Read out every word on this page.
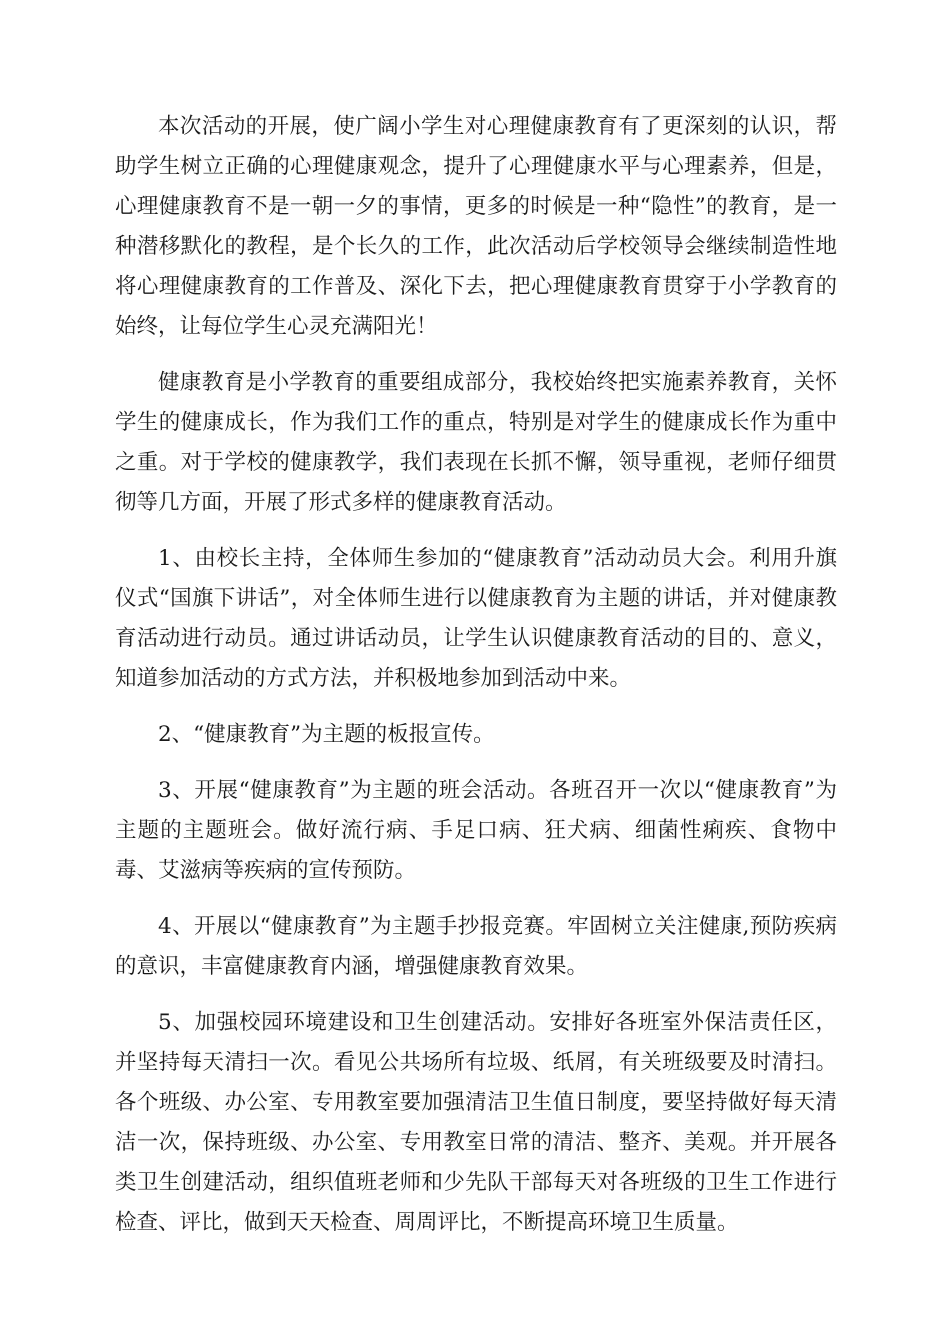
本次活动的开展，使广阔小学生对心理健康教育有了更深刻的认识，帮助学生树立正确的心理健康观念，提升了心理健康水平与心理素养，但是，心理健康教育不是一朝一夕的事情，更多的时候是一种“隐性”的教育，是一种潜移默化的教程，是个长久的工作，此次活动后学校领导会继续制造性地将心理健康教育的工作普及、深化下去，把心理健康教育贯穿于小学教育的始终，让每位学生心灵充满阳光！

健康教育是小学教育的重要组成部分，我校始终把实施素养教育，关怀学生的健康成长，作为我们工作的重点，特别是对学生的健康成长作为重中之重。对于学校的健康教学，我们表现在长抓不懈，领导重视，老师仔细贯彻等几方面，开展了形式多样的健康教育活动。

1、由校长主持，全体师生参加的“健康教育”活动动员大会。利用升旗仪式“国旗下讲话”，对全体师生进行以健康教育为主题的讲话，并对健康教育活动进行动员。通过讲话动员，让学生认识健康教育活动的目的、意义，知道参加活动的方式方法，并积极地参加到活动中来。

2、“健康教育”为主题的板报宣传。

3、开展“健康教育”为主题的班会活动。各班召开一次以“健康教育”为主题的主题班会。做好流行病、手足口病、狂犬病、细菌性痢疾、食物中毒、艾滋病等疾病的宣传预防。

4、开展以“健康教育”为主题手抄报竞赛。牢固树立关注健康,预防疾病的意识，丰富健康教育内涵，增强健康教育效果。

5、加强校园环境建设和卫生创建活动。安排好各班室外保洁责任区，并坚持每天清扫一次。看见公共场所有垃圾、纸屑，有关班级要及时清扫。各个班级、办公室、专用教室要加强清洁卫生值日制度，要坚持做好每天清洁一次，保持班级、办公室、专用教室日常的清洁、整齐、美观。并开展各类卫生创建活动，组织值班老师和少先队干部每天对各班级的卫生工作进行检查、评比，做到天天检查、周周评比，不断提高环境卫生质量。
